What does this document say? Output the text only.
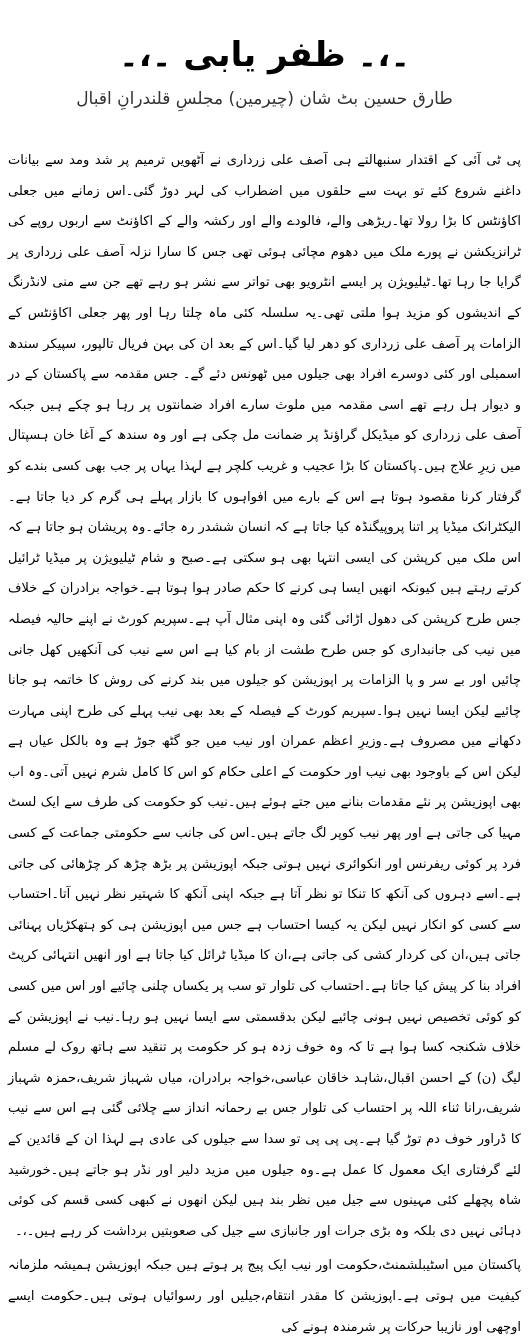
۔،۔ ظفر یابی ۔،۔
طارق حسین بٹ شان (چیرمین) مجلسِ قلندرانِ اقبال

پی ٹی آئی کے اقتدار سنبھالتے ہی آصف علی زرداری نے آٹھویں ترمیم پر شد ومد سے بیانات داغنے شروع کئے تو بہت سے حلقوں میں اضطراب کی لہر دوڑ گئی۔اس زمانے میں جعلی اکاؤنٹس کا بڑا رولا تھا۔ریڑھی والے، فالودے والے اور رکشہ والے کے اکاؤنٹ سے اربوں روپے کی ٹرانزیکشن نے پورے ملک میں دھوم مچائی ہوئی تھی جس کا سارا نزلہ آصف علی زرداری پر گرایا جا رہا تھا۔ٹیلیویژن پر ایسے انٹرویو بھی تواتر سے نشر ہو رہے تھے جن سے منی لانڈرنگ کے اندیشوں کو مزید ہوا ملتی تھی۔یہ سلسلہ کئی ماہ چلتا رہا اور پھر جعلی اکاؤنٹس کے الزامات پر آصف علی زرداری کو دھر لیا گیا۔اس کے بعد ان کی بہن فریال تالپور، سپیکر سندھ اسمبلی اور کئی دوسرے افراد بھی جیلوں میں ٹھونس دئے گے۔ جس مقدمہ سے پاکستان کے در و دیوار ہل رہے تھے اسی مقدمہ میں ملوث سارے افراد ضمانتوں پر رہا ہو چکے ہیں جبکہ آصف علی زرداری کو میڈیکل گراؤنڈ پر ضمانت مل چکی ہے اور وہ سندھ کے آغا خان ہسپتال میں زیرِ علاج ہیں۔پاکستان کا بڑا عجیب و غریب کلچر ہے لہذا یہاں پر جب بھی کسی بندے کو گرفتار کرنا مقصود ہوتا ہے اس کے بارے میں افواہوں کا بازار پہلے ہی گرم کر دیا جاتا ہے۔الیکٹرانک میڈیا پر اتنا پروپیگنڈہ کیا جاتا ہے کہ انسان ششدر رہ جائے۔وہ پریشان ہو جاتا ہے کہ اس ملک میں کرپشن کی ایسی انتہا بھی ہو سکتی ہے۔صبح و شام ٹیلیویژن پر میڈیا ٹرائیل کرتے رہتے ہیں کیونکہ انھیں ایسا ہی کرنے کا حکم صادر ہوا ہوتا ہے۔خواجہ برادران کے خلاف جس طرح کرپشن کی دھول اڑائی گئی وہ اپنی مثال آپ ہے۔سپریم کورٹ نے اپنے حالیہ فیصلہ میں نیب کی جانبداری کو جس طرح طشت از بام کیا ہے اس سے نیب کی آنکھیں کھل جانی چائیں اور بے سر و پا الزامات پر اپوزیشن کو جیلوں میں بند کرنے کی روش کا خاتمہ ہو جانا چائیے لیکن ایسا نہیں ہوا۔سپریم کورٹ کے فیصلہ کے بعد بھی نیب پہلے کی طرح اپنی مہارت دکھانے میں مصروف ہے۔وزیرِ اعظم عمران اور نیب میں جو گٹھ جوڑ ہے وہ بالکل عیاں ہے لیکن اس کے باوجود بھی نیب اور حکومت کے اعلی حکام کو اس کا کامل شرم نہیں آتی۔وہ اب بھی اپوزیشن پر نئے مقدمات بنانے میں جتے ہوئے ہیں۔نیب کو حکومت کی طرف سے ایک لسٹ مہیا کی جاتی ہے اور پھر نیب کوپر لگ جاتے ہیں۔اس کی جانب سے حکومتی جماعت کے کسی فرد پر کوئی ریفرنس اور انکوائری نہیں ہوتی جبکہ اپوزیشن پر بڑھ چڑھ کر چڑھائی کی جاتی ہے۔اسے دہروں کی آنکھ کا تنکا تو نظر آتا ہے جبکہ اپنی آنکھ کا شہتیر نظر نہیں آتا۔احتساب سے کسی کو انکار نہیں لیکن یہ کیسا احتساب ہے جس میں اپوزیشن ہی کو ہتھکڑیاں پہنائی جاتی ہیں،ان کی کردار کشی کی جاتی ہے،ان کا میڈیا ٹرائل کیا جاتا ہے اور انھیں انتہائی کرپٹ افراد بنا کر پیش کیا جاتا ہے۔احتساب کی تلوار تو سب پر یکساں چلنی چائیے اور اس میں کسی کو کوئی تخصیص نہیں ہونی چائیے لیکن بدقسمتی سے ایسا نہیں ہو رہا۔نیب نے اپوزیشن کے خلاف شکنجہ کسا ہوا ہے تا کہ وہ خوف زدہ ہو کر حکومت پر تنقید سے ہاتھ روک لے مسلم لیگ (ن) کے احسن اقبال،شاہد خاقان عباسی،خواجہ برادران، میاں شہباز شریف،حمزہ شہباز شریف،رانا ثناء اللہ پر احتساب کی تلوار جس بے رحمانہ انداز سے چلائی گئی ہے اس سے نیب کا ڈراور خوف دم توڑ گیا ہے۔پی پی پی تو سدا سے جیلوں کی عادی ہے لہذا ان کے قائدین کے لئے گرفتاری ایک معمول کا عمل ہے۔وہ جیلوں میں مزید دلیر اور نڈر ہو جاتے ہیں۔خورشید شاہ پچھلے کئی مہینوں سے جیل میں نظر بند ہیں لیکن انھوں نے کبھی کسی قسم کی کوئی دہائی نہیں دی بلکہ وہ بڑی جرات اور جانبازی سے جیل کی صعوبتیں برداشت کر رہے ہیں۔،۔

پاکستان میں اسٹیبلشمنٹ،حکومت اور نیب ایک پیج پر ہوتے ہیں جبکہ اپوزیشن ہمیشہ ملزمانہ کیفیت میں ہوتی ہے۔اپوزیشن کا مقدر انتقام،جیلیں اور رسوائیاں ہوتی ہیں۔حکومت ایسے اوچھی اور نازیبا حرکات پر شرمندہ ہونے کی
